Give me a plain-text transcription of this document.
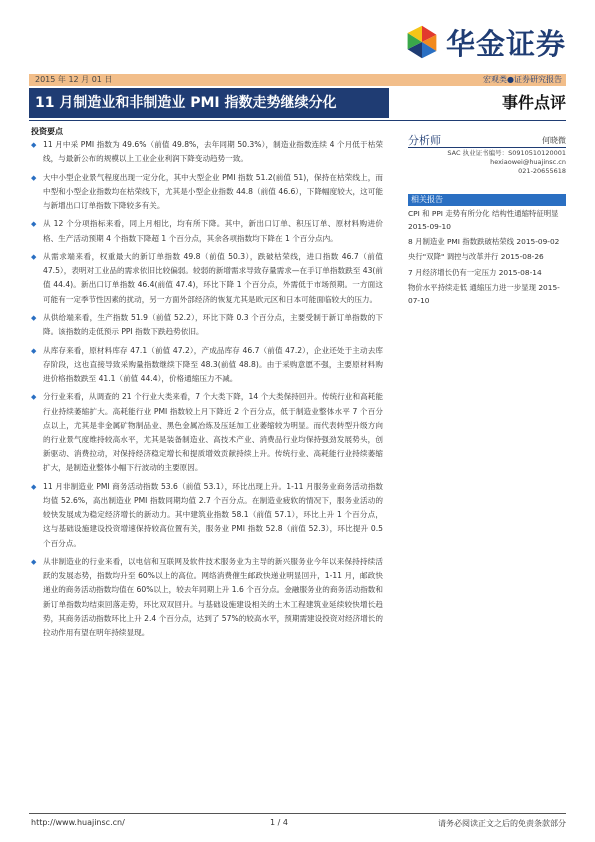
华金证券
2015 年 12 月 01 日	宏观类●证券研究报告
11 月制造业和非制造业 PMI 指数走势继续分化	事件点评
投资要点
◆ 11 月中采 PMI 指数为 49.6%（前值 49.8%，去年同期 50.3%），制造业指数连续 4 个月低于枯荣线，与最新公布的规模以上工业企业利润下降变动趋势一致。
◆ 大中小型企业景气程度出现一定分化，其中大型企业 PMI 指数 51.2(前值 51)，保持在枯荣线上，而中型和小型企业指数均在枯荣线下，尤其是小型企业指数 44.8（前值 46.6），下降幅度较大，这可能与新增出口订单指数下降较多有关。
◆ 从 12 个分项指标来看，同上月相比，均有所下降。其中，新出口订单、积压订单、原材料购进价格、生产活动预期 4 个指数下降超 1 个百分点，其余各项指数均下降在 1 个百分点内。
◆ 从需求端来看，权重最大的新订单指数 49.8（前值 50.3），跌破枯荣线，进口指数 46.7（前值 47.5），表明对工业品的需求依旧比较偏弱。较弱的新增需求导致存量需求—在手订单指数跌至 43(前值 44.4)。新出口订单指数 46.4(前值 47.4)，环比下降 1 个百分点，外需低于市场预期。一方面这可能有一定季节性因素的扰动，另一方面外部经济的恢复尤其是欧元区和日本可能面临较大的压力。
◆ 从供给端来看，生产指数 51.9（前值 52.2），环比下降 0.3 个百分点，主要受制于新订单指数的下降。该指数的走低预示 PPI 指数下跌趋势依旧。
◆ 从库存来看，原材料库存 47.1（前值 47.2），产成品库存 46.7（前值 47.2），企业还处于主动去库存阶段，这也直接导致采购量指数继续下降至 48.3(前值 48.8)。由于采购意愿不强，主要原材料购进价格指数跌至 41.1（前值 44.4），价格通缩压力不减。
◆ 分行业来看，从调查的 21 个行业大类来看，7 个大类下降，14 个大类保持回升。传统行业和高耗能行业持续萎缩扩大。高耗能行业 PMI 指数较上月下降近 2 个百分点，低于制造业整体水平 7 个百分点以上，尤其是非金属矿物制品业、黑色金属冶炼及压延加工业萎缩较为明显。而代表转型升级方向的行业景气度维持较高水平，尤其是装备制造业、高技术产业、消费品行业均保持强劲发展势头，创新驱动、消费拉动，对保持经济稳定增长和提质增效贡献持续上升。传统行业、高耗能行业持续萎缩扩大，是制造业整体小幅下行波动的主要原因。
◆ 11 月非制造业 PMI 商务活动指数 53.6（前值 53.1），环比出现上升。1-11 月服务业商务活动指数均值 52.6%，高出制造业 PMI 指数同期均值 2.7 个百分点。在制造业疲软的情况下，服务业活动的较快发展成为稳定经济增长的新动力。其中建筑业指数 58.1（前值 57.1），环比上升 1 个百分点，这与基础设施建设投资增速保持较高位置有关，服务业 PMI 指数 52.8（前值 52.3），环比提升 0.5 个百分点。
◆ 从非制造业的行业来看，以电信和互联网及软件技术服务业为主导的新兴服务业今年以来保持持续活跃的发展态势，指数均升至 60%以上的高位。网络消费催生邮政快递业明显回升，1-11 月，邮政快递业的商务活动指数均值在 60%以上，较去年同期上升 1.6 个百分点。金融服务业的商务活动指数和新订单指数均结束回落走势，环比双双回升。与基础设施建设相关的土木工程建筑业延续较快增长趋势，其商务活动指数环比上升 2.4 个百分点，达到了 57%的较高水平，预期需建设投资对经济增长的拉动作用有望在明年持续显现。
分析师	何晓微
SAC 执业证书编号：S0910510120001
hexiaowei@huajinsc.cn
021-20655618
相关报告
CPI 和 PPI 走势有所分化 结构性通缩特征明显 2015-09-10
8 月制造业 PMI 指数跌破枯荣线 2015-09-02
央行"双降" 调控与改革并行 2015-08-26
7 月经济增长仍有一定压力 2015-08-14
物价水平持续走低 通缩压力进一步显现 2015-07-10
http://www.huajinsc.cn/	1 / 4	请务必阅读正文之后的免责条款部分
